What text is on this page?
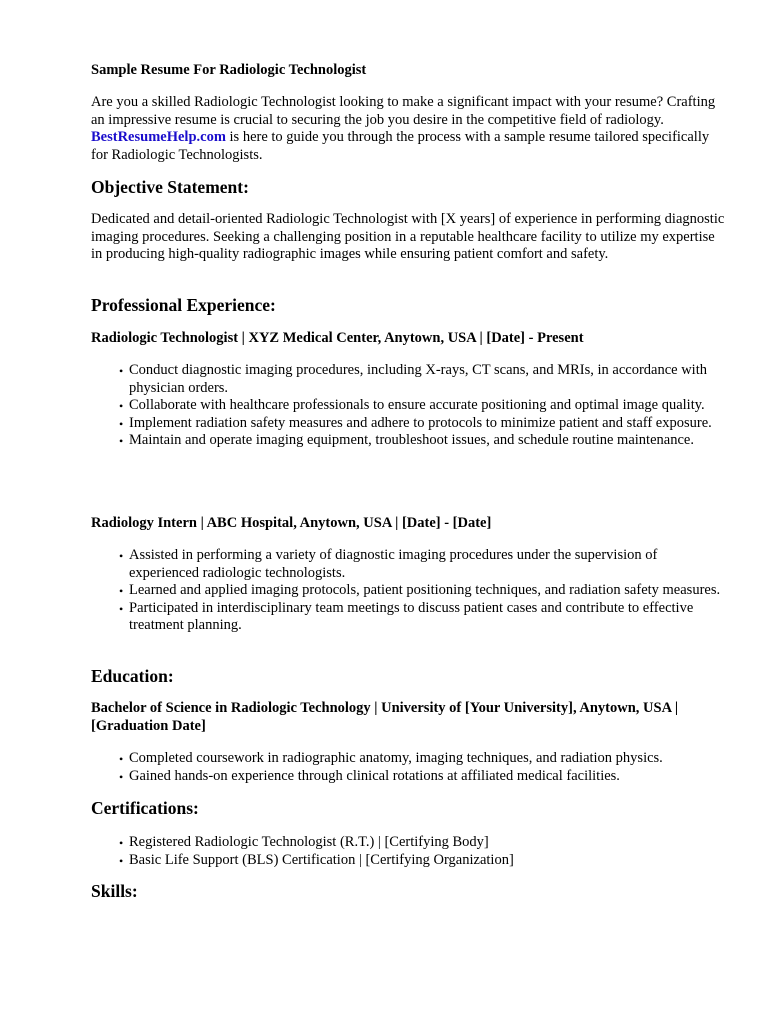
Sample Resume For Radiologic Technologist

Are you a skilled Radiologic Technologist looking to make a significant impact with your resume? Crafting an impressive resume is crucial to securing the job you desire in the competitive field of radiology. BestResumeHelp.com is here to guide you through the process with a sample resume tailored specifically for Radiologic Technologists.

Objective Statement:

Dedicated and detail-oriented Radiologic Technologist with [X years] of experience in performing diagnostic imaging procedures. Seeking a challenging position in a reputable healthcare facility to utilize my expertise in producing high-quality radiographic images while ensuring patient comfort and safety.

Professional Experience:
Radiologic Technologist | XYZ Medical Center, Anytown, USA | [Date] - Present
• Conduct diagnostic imaging procedures, including X-rays, CT scans, and MRIs, in accordance with physician orders.
• Collaborate with healthcare professionals to ensure accurate positioning and optimal image quality.
• Implement radiation safety measures and adhere to protocols to minimize patient and staff exposure.
• Maintain and operate imaging equipment, troubleshoot issues, and schedule routine maintenance.
Radiology Intern | ABC Hospital, Anytown, USA | [Date] - [Date]
• Assisted in performing a variety of diagnostic imaging procedures under the supervision of experienced radiologic technologists.
• Learned and applied imaging protocols, patient positioning techniques, and radiation safety measures.
• Participated in interdisciplinary team meetings to discuss patient cases and contribute to effective treatment planning.
Education:
Bachelor of Science in Radiologic Technology | University of [Your University], Anytown, USA | [Graduation Date]
• Completed coursework in radiographic anatomy, imaging techniques, and radiation physics.
• Gained hands-on experience through clinical rotations at affiliated medical facilities.
Certifications:
• Registered Radiologic Technologist (R.T.) | [Certifying Body]
• Basic Life Support (BLS) Certification | [Certifying Organization]
Skills:
